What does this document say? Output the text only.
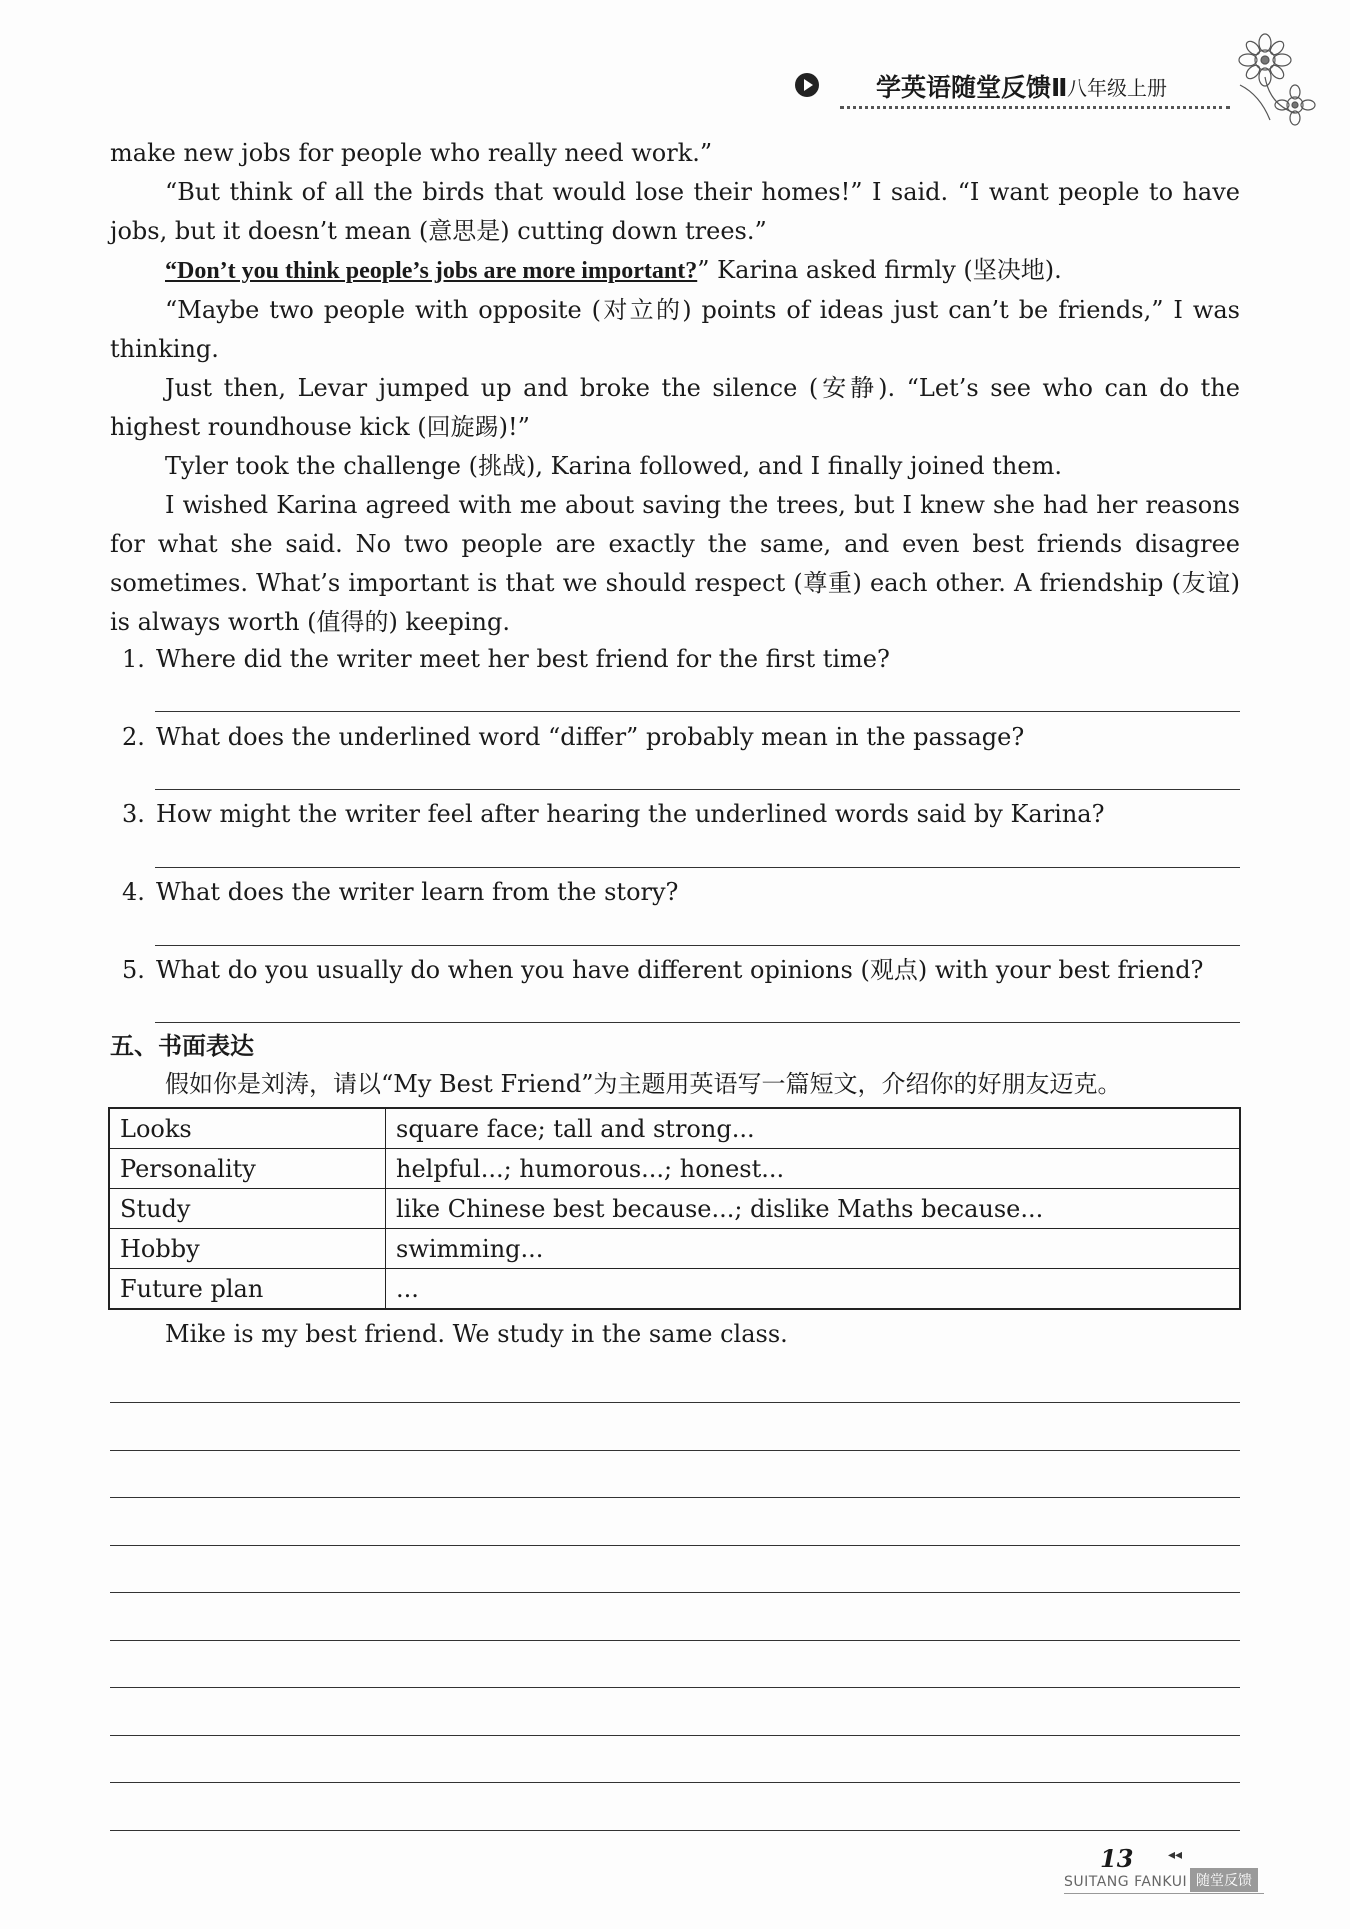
学英语随堂反馈Ⅱ 八年级上册

make new jobs for people who really need work.”

“But think of all the birds that would lose their homes!” I said. “I want people to have jobs, but it doesn’t mean (意思是) cutting down trees.”

“Don’t you think people’s jobs are more important?” Karina asked firmly (坚决地).

“Maybe two people with opposite (对立的) points of ideas just can’t be friends,” I was thinking.

Just then, Levar jumped up and broke the silence (安静). “Let’s see who can do the highest roundhouse kick (回旋踢)!”

Tyler took the challenge (挑战), Karina followed, and I finally joined them.

I wished Karina agreed with me about saving the trees, but I knew she had her reasons for what she said. No two people are exactly the same, and even best friends disagree sometimes. What’s important is that we should respect (尊重) each other. A friendship (友谊) is always worth (值得的) keeping.

1. Where did the writer meet her best friend for the first time?
2. What does the underlined word “differ” probably mean in the passage?
3. How might the writer feel after hearing the underlined words said by Karina?
4. What does the writer learn from the story?
5. What do you usually do when you have different opinions (观点) with your best friend?
五、书面表达
假如你是刘涛，请以“My Best Friend”为主题用英语写一篇短文，介绍你的好朋友迈克。
Looks	square face; tall and strong...
Personality	helpful...; humorous...; honest...
Study	like Chinese best because...; dislike Maths because...
Hobby	swimming...
Future plan	...
Mike is my best friend. We study in the same class.
13 ◂◂
SUITANG FANKUI 随堂反馈
